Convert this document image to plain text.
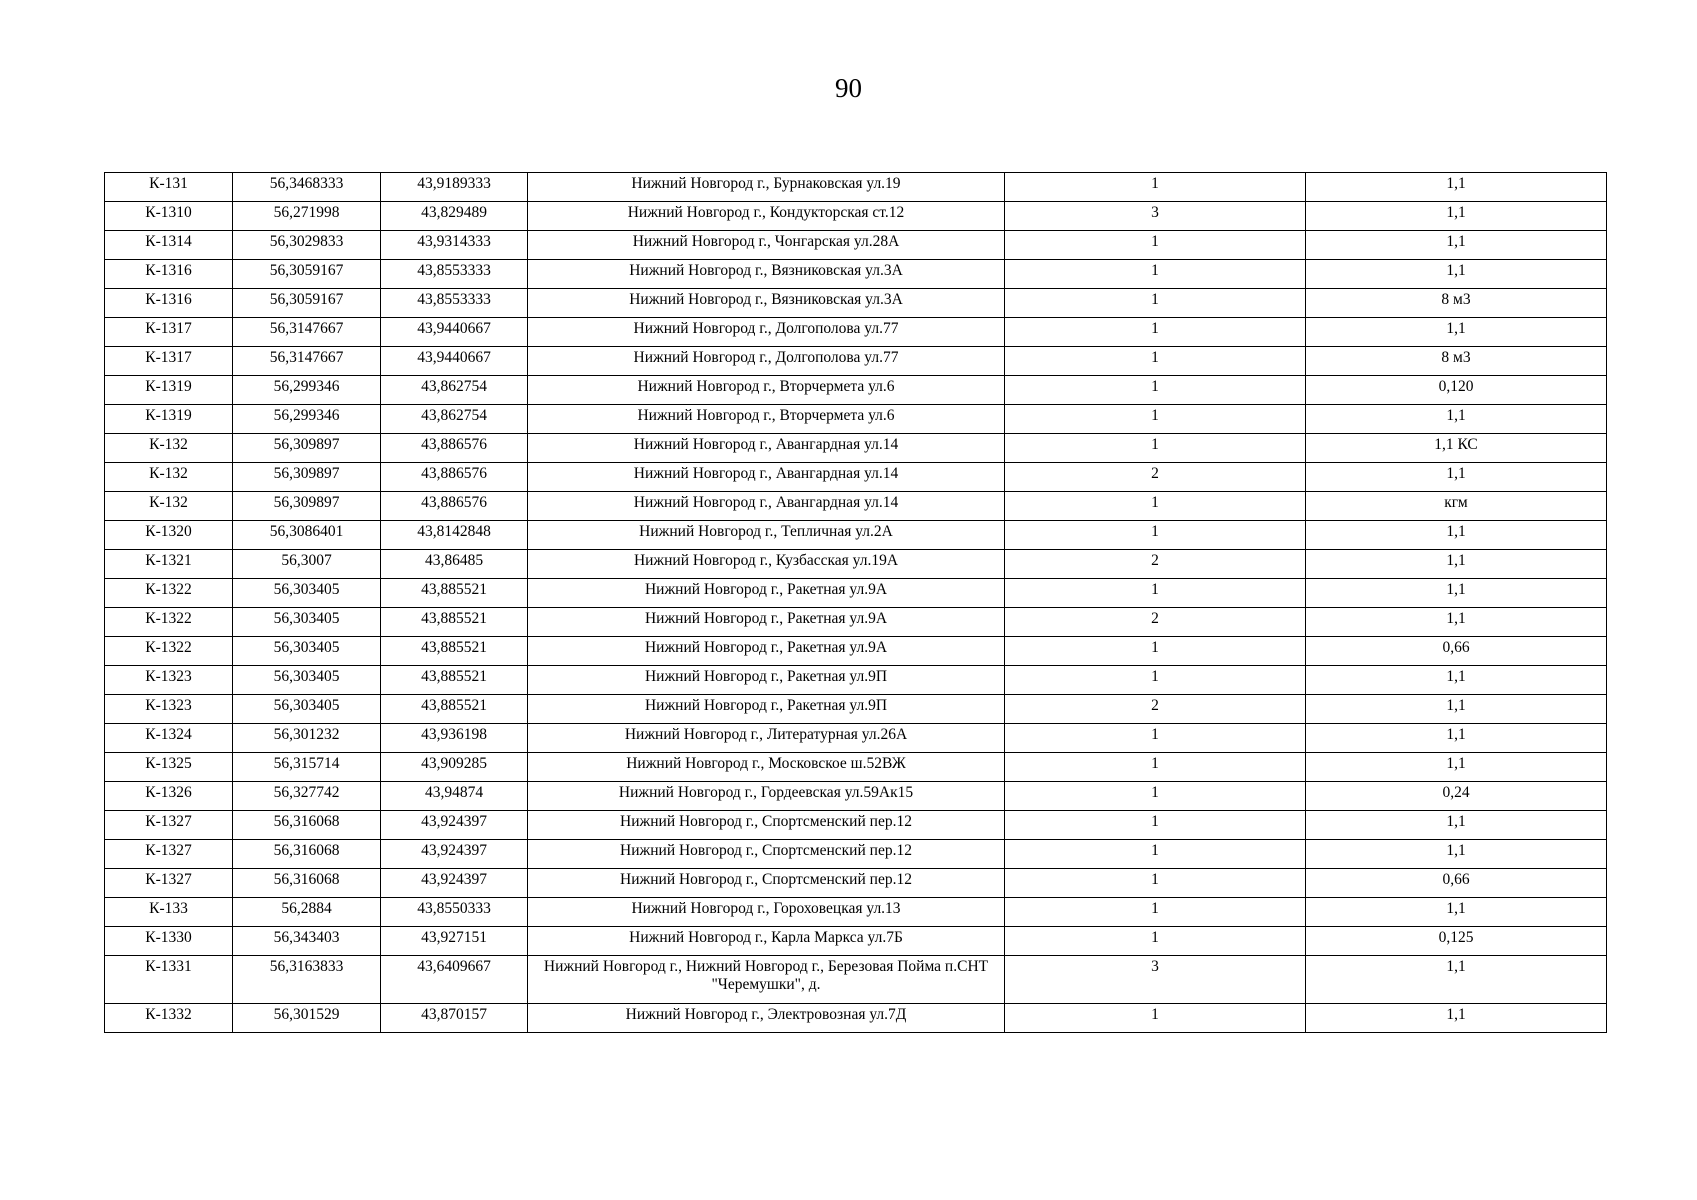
90
К-131	56,3468333	43,9189333	Нижний Новгород г., Бурнаковская ул.19	1	1,1
К-1310	56,271998	43,829489	Нижний Новгород г., Кондукторская ст.12	3	1,1
К-1314	56,3029833	43,9314333	Нижний Новгород г., Чонгарская ул.28А	1	1,1
К-1316	56,3059167	43,8553333	Нижний Новгород г., Вязниковская ул.3А	1	1,1
К-1316	56,3059167	43,8553333	Нижний Новгород г., Вязниковская ул.3А	1	8 м3
К-1317	56,3147667	43,9440667	Нижний Новгород г., Долгополова ул.77	1	1,1
К-1317	56,3147667	43,9440667	Нижний Новгород г., Долгополова ул.77	1	8 м3
К-1319	56,299346	43,862754	Нижний Новгород г., Вторчермета ул.6	1	0,120
К-1319	56,299346	43,862754	Нижний Новгород г., Вторчермета ул.6	1	1,1
К-132	56,309897	43,886576	Нижний Новгород г., Авангардная ул.14	1	1,1 КС
К-132	56,309897	43,886576	Нижний Новгород г., Авангардная ул.14	2	1,1
К-132	56,309897	43,886576	Нижний Новгород г., Авангардная ул.14	1	кгм
К-1320	56,3086401	43,8142848	Нижний Новгород г., Тепличная ул.2А	1	1,1
К-1321	56,3007	43,86485	Нижний Новгород г., Кузбасская ул.19А	2	1,1
К-1322	56,303405	43,885521	Нижний Новгород г., Ракетная ул.9А	1	1,1
К-1322	56,303405	43,885521	Нижний Новгород г., Ракетная ул.9А	2	1,1
К-1322	56,303405	43,885521	Нижний Новгород г., Ракетная ул.9А	1	0,66
К-1323	56,303405	43,885521	Нижний Новгород г., Ракетная ул.9П	1	1,1
К-1323	56,303405	43,885521	Нижний Новгород г., Ракетная ул.9П	2	1,1
К-1324	56,301232	43,936198	Нижний Новгород г., Литературная ул.26А	1	1,1
К-1325	56,315714	43,909285	Нижний Новгород г., Московское ш.52ВЖ	1	1,1
К-1326	56,327742	43,94874	Нижний Новгород г., Гордеевская ул.59Ак15	1	0,24
К-1327	56,316068	43,924397	Нижний Новгород г., Спортсменский пер.12	1	1,1
К-1327	56,316068	43,924397	Нижний Новгород г., Спортсменский пер.12	1	1,1
К-1327	56,316068	43,924397	Нижний Новгород г., Спортсменский пер.12	1	0,66
К-133	56,2884	43,8550333	Нижний Новгород г., Гороховецкая ул.13	1	1,1
К-1330	56,343403	43,927151	Нижний Новгород г., Карла Маркса ул.7Б	1	0,125
К-1331	56,3163833	43,6409667	Нижний Новгород г., Нижний Новгород г., Березовая Пойма п.СНТ "Черемушки", д.	3	1,1
К-1332	56,301529	43,870157	Нижний Новгород г., Электровозная ул.7Д	1	1,1
